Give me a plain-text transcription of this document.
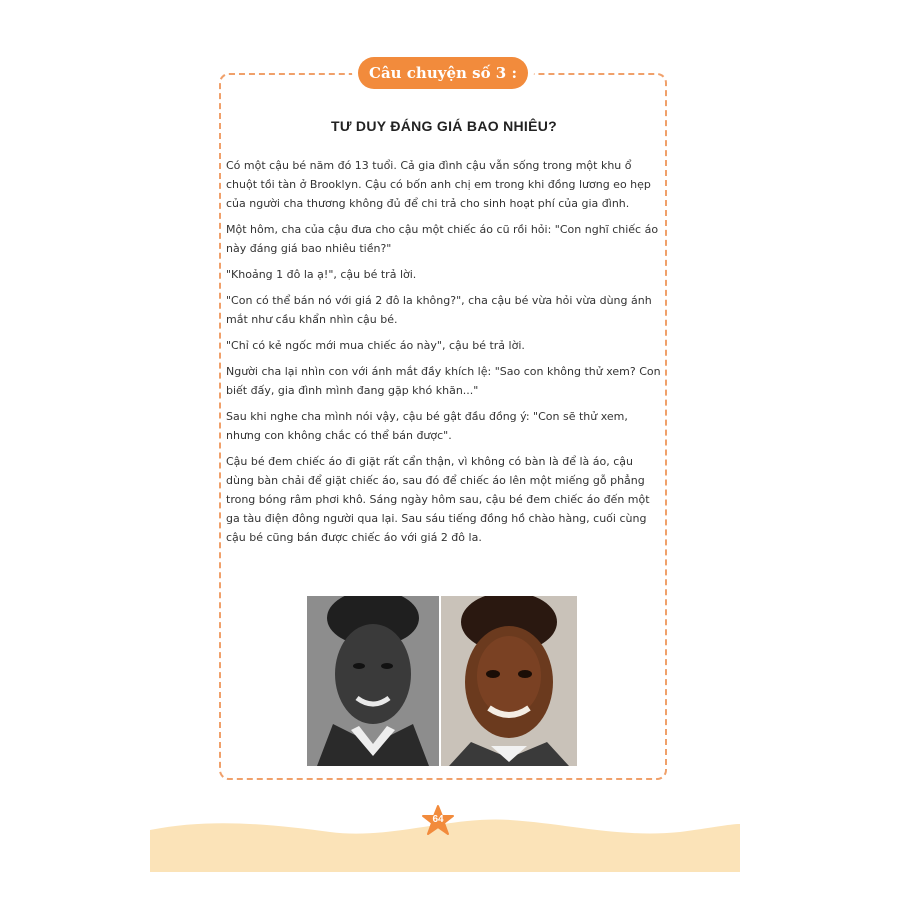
Câu chuyện số 3 :
TƯ DUY ĐÁNG GIÁ BAO NHIÊU?

Có một cậu bé năm đó 13 tuổi. Cả gia đình cậu vẫn sống trong một khu ổ chuột tồi tàn ở Brooklyn. Cậu có bốn anh chị em trong khi đồng lương eo hẹp của người cha thương không đủ để chi trả cho sinh hoạt phí của gia đình.

Một hôm, cha của cậu đưa cho cậu một chiếc áo cũ rồi hỏi: "Con nghĩ chiếc áo này đáng giá bao nhiêu tiền?"

"Khoảng 1 đô la ạ!", cậu bé trả lời.

"Con có thể bán nó với giá 2 đô la không?", cha cậu bé vừa hỏi vừa dùng ánh mắt như cầu khẩn nhìn cậu bé.

"Chỉ có kẻ ngốc mới mua chiếc áo này", cậu bé trả lời.

Người cha lại nhìn con với ánh mắt đầy khích lệ: "Sao con không thử xem? Con biết đấy, gia đình mình đang gặp khó khăn..."

Sau khi nghe cha mình nói vậy, cậu bé gật đầu đồng ý: "Con sẽ thử xem, nhưng con không chắc có thể bán được".

Cậu bé đem chiếc áo đi giặt rất cẩn thận, vì không có bàn là để là áo, cậu dùng bàn chải để giặt chiếc áo, sau đó để chiếc áo lên một miếng gỗ phẳng trong bóng râm phơi khô. Sáng ngày hôm sau, cậu bé đem chiếc áo đến một ga tàu điện đông người qua lại. Sau sáu tiếng đồng hồ chào hàng, cuối cùng cậu bé cũng bán được chiếc áo với giá 2 đô la.

64
